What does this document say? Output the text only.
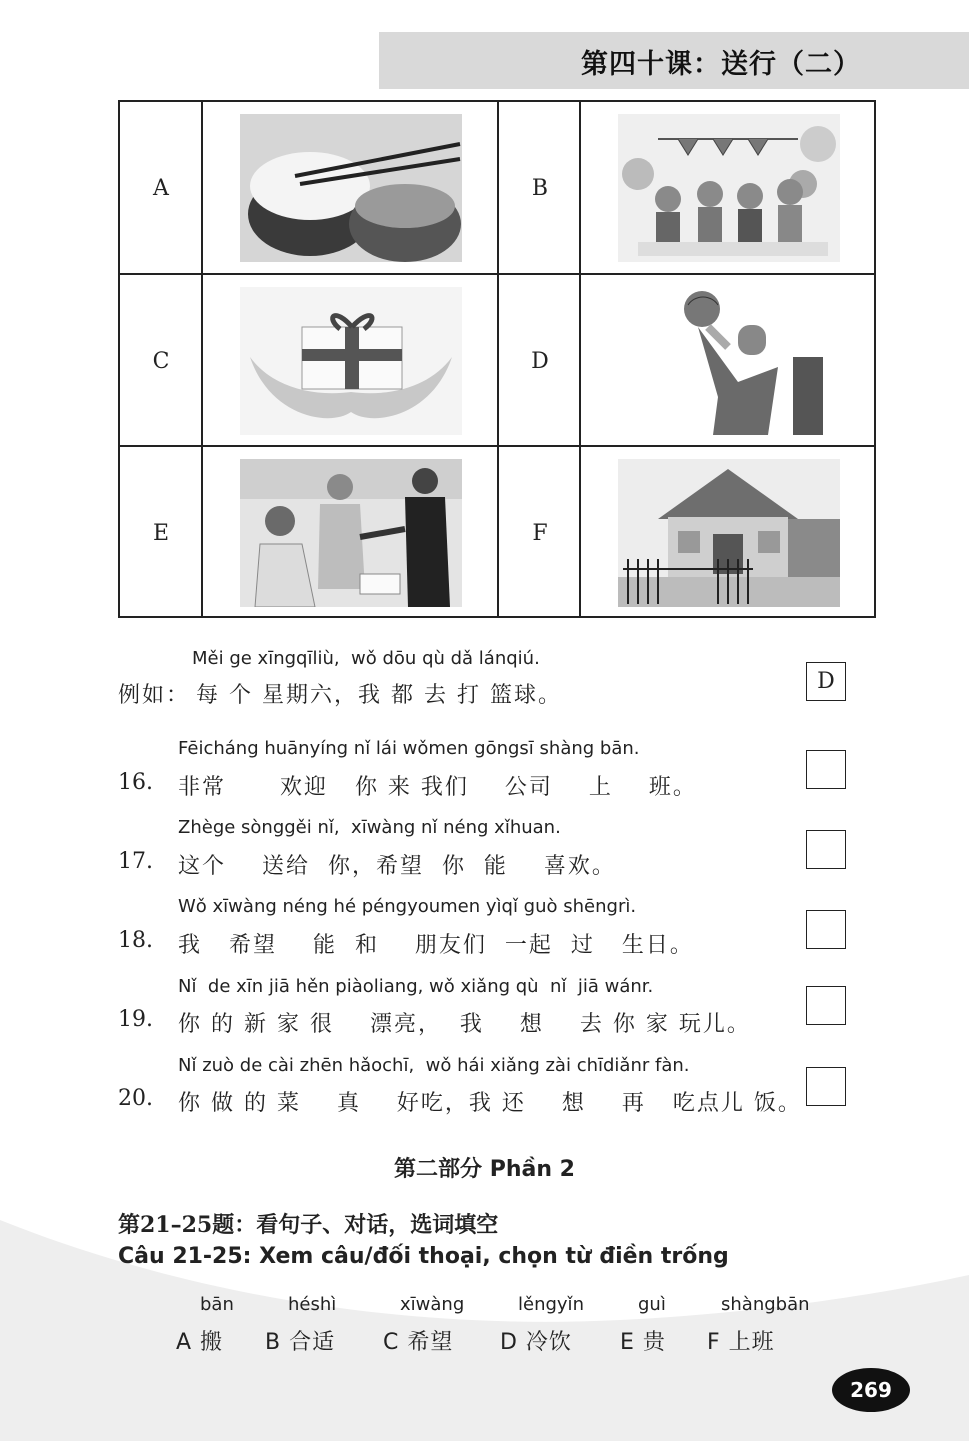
第四十课：送行（二）
A	B
C	D
E	F
Měi ge xīngqīliù,  wǒ dōu qù dǎ lánqiú.
例如： 每 个 星期六，我 都 去 打 篮球。
D
Fēicháng huānyíng nǐ lái wǒmen gōngsī shàng bān.
16. 非常      欢迎   你 来 我们    公司    上    班。
Zhège sònggěi nǐ,  xīwàng nǐ néng xǐhuan.
17. 这个    送给  你，希望  你  能    喜欢。
Wǒ xīwàng néng hé péngyoumen yìqǐ guò shēngrì.
18. 我   希望    能  和    朋友们  一起  过   生日。
Nǐ  de xīn jiā hěn piàoliang, wǒ xiǎng qù  nǐ  jiā wánr.
19. 你 的 新 家 很    漂亮，  我    想    去 你 家 玩儿。
Nǐ zuò de cài zhēn hǎochī,  wǒ hái xiǎng zài chīdiǎnr fàn.
20. 你 做 的 菜    真    好吃，我 还    想    再   吃点儿 饭。
第二部分 Phần 2
第21–25题：看句子、对话，选词填空
Câu 21-25: Xem câu/đối thoại, chọn từ điền trống
bān
A 搬
héshì
B 合适
xīwàng
C 希望
lěngyǐn
D 冷饮
guì
E 贵
shàngbān
F 上班
269
